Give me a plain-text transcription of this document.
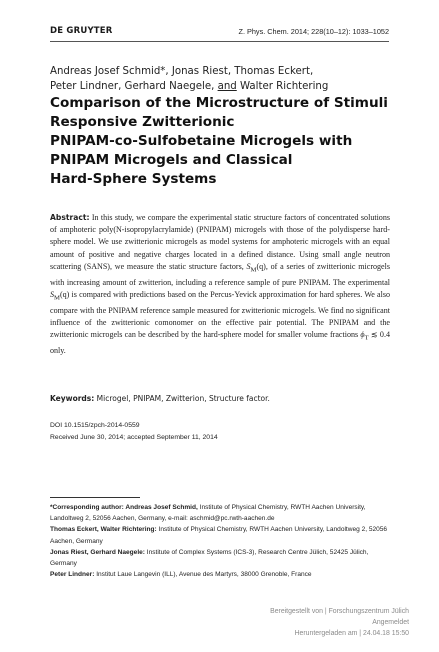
DE GRUYTER	Z. Phys. Chem. 2014; 228(10–12): 1033–1052
Andreas Josef Schmid*, Jonas Riest, Thomas Eckert,
Peter Lindner, Gerhard Naegele, and Walter Richtering
Comparison of the Microstructure of Stimuli
Responsive Zwitterionic
PNIPAM-co-Sulfobetaine Microgels with
PNIPAM Microgels and Classical
Hard-Sphere Systems
Abstract: In this study, we compare the experimental static structure factors of concentrated solutions of amphoteric poly(N-isopropylacrylamide) (PNIPAM) microgels with those of the polydisperse hard-sphere model. We use zwitterionic microgels as model systems for amphoteric microgels with an equal amount of positive and negative charges located in a defined distance. Using small angle neutron scattering (SANS), we measure the static structure factors, $S_M(q)$, of a series of zwitterionic microgels with increasing amount of zwitterion, including a reference sample of pure PNIPAM. The experimental $S_M(q)$ is compared with predictions based on the Percus-Yevick approximation for hard spheres. We also compare with the PNIPAM reference sample measured for zwitterionic microgels. We find no significant influence of the zwitterionic comonomer on the effective pair potential. The PNIPAM and the zwitterionic microgels can be described by the hard-sphere model for smaller volume fractions $\phi_T$ ≲ 0.4 only.
Keywords: Microgel, PNIPAM, Zwitterion, Structure factor.
DOI 10.1515/zpch-2014-0559
Received June 30, 2014; accepted September 11, 2014
*Corresponding author: Andreas Josef Schmid, Institute of Physical Chemistry, RWTH Aachen University, Landoltweg 2, 52056 Aachen, Germany, e-mail: aschmid@pc.rwth-aachen.de
Thomas Eckert, Walter Richtering: Institute of Physical Chemistry, RWTH Aachen University, Landoltweg 2, 52056 Aachen, Germany
Jonas Riest, Gerhard Naegele: Institute of Complex Systems (ICS-3), Research Centre Jülich, 52425 Jülich, Germany
Peter Lindner: Institut Laue Langevin (ILL), Avenue des Martyrs, 38000 Grenoble, France
Bereitgestellt von | Forschungszentrum Jülich
Angemeldet
Heruntergeladen am | 24.04.18 15:50
